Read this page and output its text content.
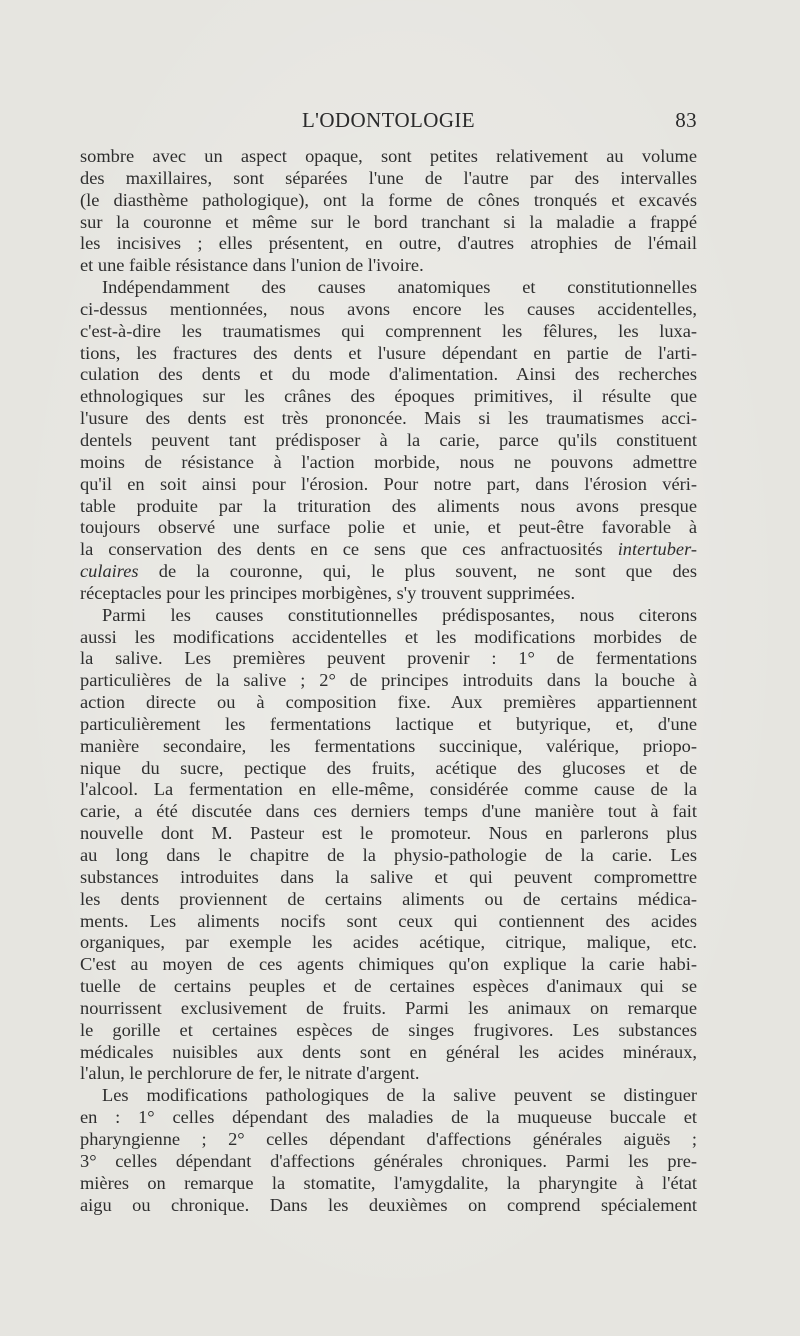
L'ODONTOLOGIE	83
sombre avec un aspect opaque, sont petites relativement au volume
des maxillaires, sont séparées l'une de l'autre par des intervalles
(le diasthème pathologique), ont la forme de cônes tronqués et excavés
sur la couronne et même sur le bord tranchant si la maladie a frappé
les incisives ; elles présentent, en outre, d'autres atrophies de l'émail
et une faible résistance dans l'union de l'ivoire.
Indépendamment des causes anatomiques et constitutionnelles
ci-dessus mentionnées, nous avons encore les causes accidentelles,
c'est-à-dire les traumatismes qui comprennent les fêlures, les luxa-
tions, les fractures des dents et l'usure dépendant en partie de l'arti-
culation des dents et du mode d'alimentation. Ainsi des recherches
ethnologiques sur les crânes des époques primitives, il résulte que
l'usure des dents est très prononcée. Mais si les traumatismes acci-
dentels peuvent tant prédisposer à la carie, parce qu'ils constituent
moins de résistance à l'action morbide, nous ne pouvons admettre
qu'il en soit ainsi pour l'érosion. Pour notre part, dans l'érosion véri-
table produite par la trituration des aliments nous avons presque
toujours observé une surface polie et unie, et peut-être favorable à
la conservation des dents en ce sens que ces anfractuosités intertuber-
culaires de la couronne, qui, le plus souvent, ne sont que des
réceptacles pour les principes morbigènes, s'y trouvent supprimées.
Parmi les causes constitutionnelles prédisposantes, nous citerons
aussi les modifications accidentelles et les modifications morbides de
la salive. Les premières peuvent provenir : 1° de fermentations
particulières de la salive ; 2° de principes introduits dans la bouche à
action directe ou à composition fixe. Aux premières appartiennent
particulièrement les fermentations lactique et butyrique, et, d'une
manière secondaire, les fermentations succinique, valérique, priopo-
nique du sucre, pectique des fruits, acétique des glucoses et de
l'alcool. La fermentation en elle-même, considérée comme cause de la
carie, a été discutée dans ces derniers temps d'une manière tout à fait
nouvelle dont M. Pasteur est le promoteur. Nous en parlerons plus
au long dans le chapitre de la physio-pathologie de la carie. Les
substances introduites dans la salive et qui peuvent compromettre
les dents proviennent de certains aliments ou de certains médica-
ments. Les aliments nocifs sont ceux qui contiennent des acides
organiques, par exemple les acides acétique, citrique, malique, etc.
C'est au moyen de ces agents chimiques qu'on explique la carie habi-
tuelle de certains peuples et de certaines espèces d'animaux qui se
nourrissent exclusivement de fruits. Parmi les animaux on remarque
le gorille et certaines espèces de singes frugivores. Les substances
médicales nuisibles aux dents sont en général les acides minéraux,
l'alun, le perchlorure de fer, le nitrate d'argent.
Les modifications pathologiques de la salive peuvent se distinguer
en : 1° celles dépendant des maladies de la muqueuse buccale et
pharyngienne ; 2° celles dépendant d'affections générales aiguës ;
3° celles dépendant d'affections générales chroniques. Parmi les pre-
mières on remarque la stomatite, l'amygdalite, la pharyngite à l'état
aigu ou chronique. Dans les deuxièmes on comprend spécialement
